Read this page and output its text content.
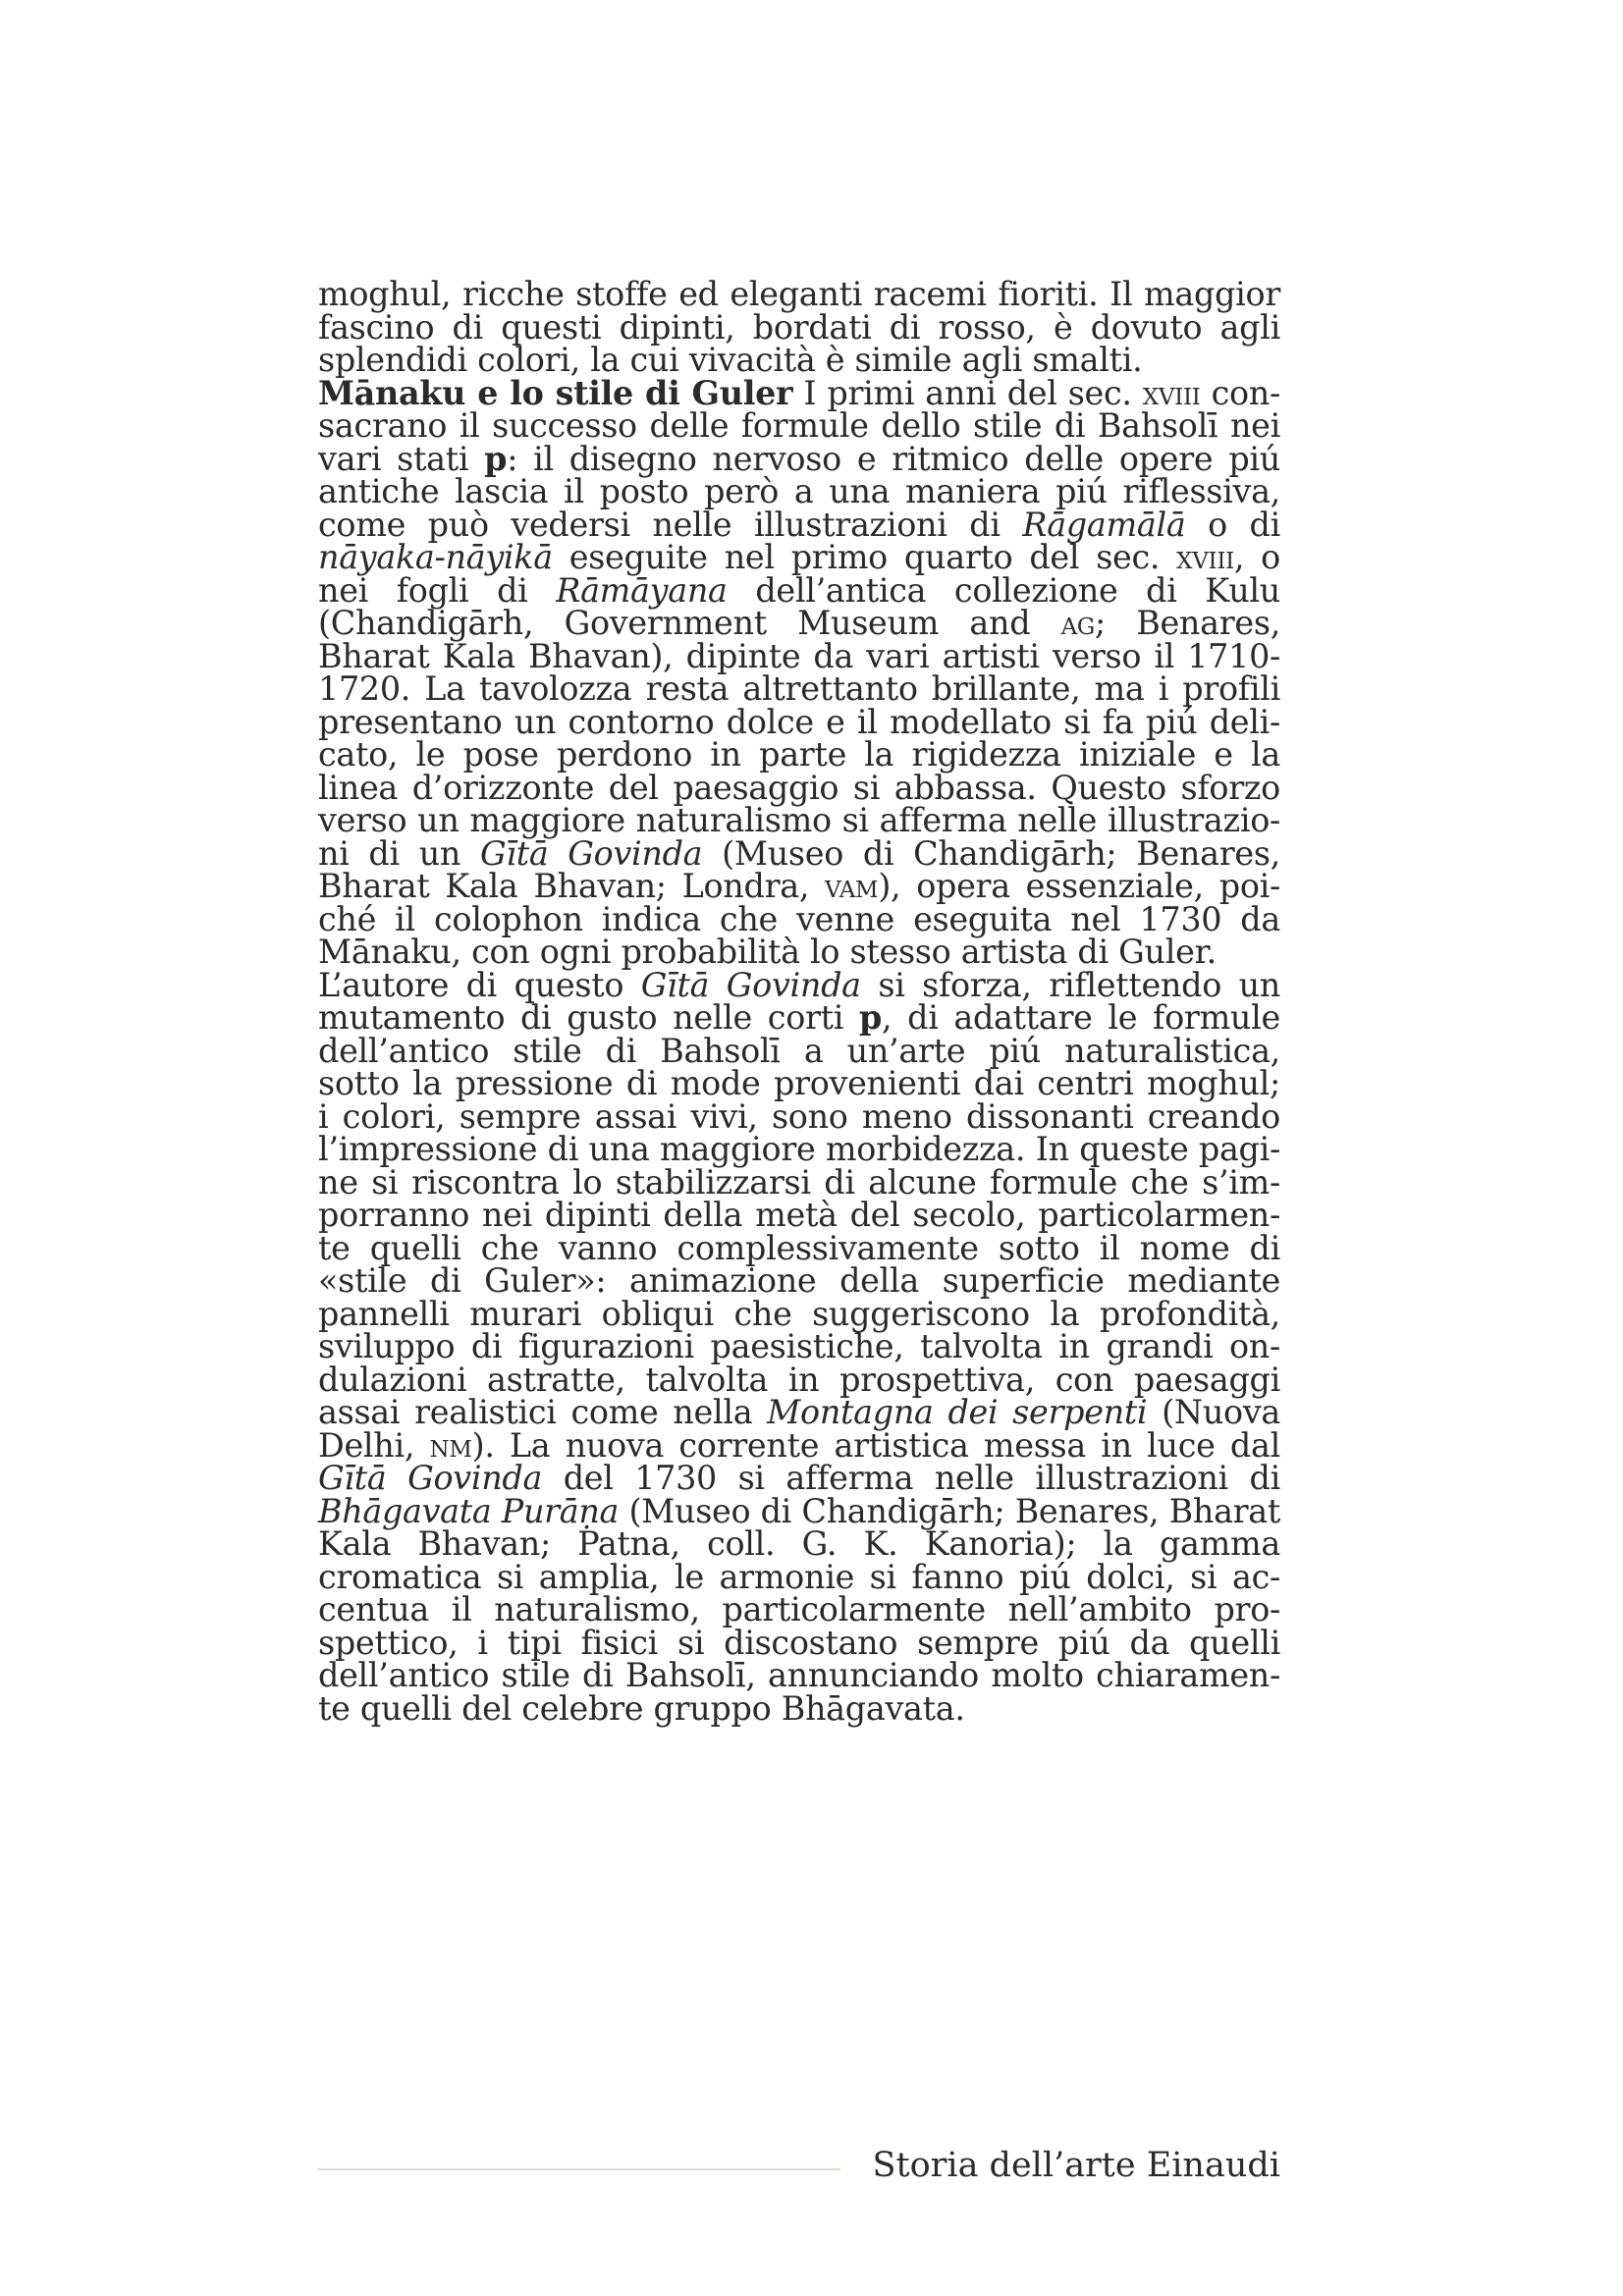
moghul, ricche stoffe ed eleganti racemi fioriti. Il maggior
fascino di questi dipinti, bordati di rosso, è dovuto agli
splendidi colori, la cui vivacità è simile agli smalti.
Mānaku e lo stile di Guler I primi anni del sec. xviii con-
sacrano il successo delle formule dello stile di Bahsolī nei
vari stati p: il disegno nervoso e ritmico delle opere piú
antiche lascia il posto però a una maniera piú riflessiva,
come può vedersi nelle illustrazioni di Rāgamālā o di
nāyaka-nāyikā eseguite nel primo quarto del sec. xviii, o
nei fogli di Rāmāyana dell’antica collezione di Kulu
(Chandigārh, Government Museum and ag; Benares,
Bharat Kala Bhavan), dipinte da vari artisti verso il 1710-
1720. La tavolozza resta altrettanto brillante, ma i profili
presentano un contorno dolce e il modellato si fa piú deli-
cato, le pose perdono in parte la rigidezza iniziale e la
linea d’orizzonte del paesaggio si abbassa. Questo sforzo
verso un maggiore naturalismo si afferma nelle illustrazio-
ni di un Gītā Govinda (Museo di Chandigārh; Benares,
Bharat Kala Bhavan; Londra, vam), opera essenziale, poi-
ché il colophon indica che venne eseguita nel 1730 da
Mānaku, con ogni probabilità lo stesso artista di Guler.
L’autore di questo Gītā Govinda si sforza, riflettendo un
mutamento di gusto nelle corti p, di adattare le formule
dell’antico stile di Bahsolī a un’arte piú naturalistica,
sotto la pressione di mode provenienti dai centri moghul;
i colori, sempre assai vivi, sono meno dissonanti creando
l’impressione di una maggiore morbidezza. In queste pagi-
ne si riscontra lo stabilizzarsi di alcune formule che s’im-
porranno nei dipinti della metà del secolo, particolarmen-
te quelli che vanno complessivamente sotto il nome di
«stile di Guler»: animazione della superficie mediante
pannelli murari obliqui che suggeriscono la profondità,
sviluppo di figurazioni paesistiche, talvolta in grandi on-
dulazioni astratte, talvolta in prospettiva, con paesaggi
assai realistici come nella Montagna dei serpenti (Nuova
Delhi, nm). La nuova corrente artistica messa in luce dal
Gītā Govinda del 1730 si afferma nelle illustrazioni di
Bhāgavata Purāṇa (Museo di Chandigārh; Benares, Bharat
Kala Bhavan; Patna, coll. G. K. Kanoria); la gamma
cromatica si amplia, le armonie si fanno piú dolci, si ac-
centua il naturalismo, particolarmente nell’ambito pro-
spettico, i tipi fisici si discostano sempre piú da quelli
dell’antico stile di Bahsolī, annunciando molto chiaramen-
te quelli del celebre gruppo Bhāgavata.
Storia dell’arte Einaudi
